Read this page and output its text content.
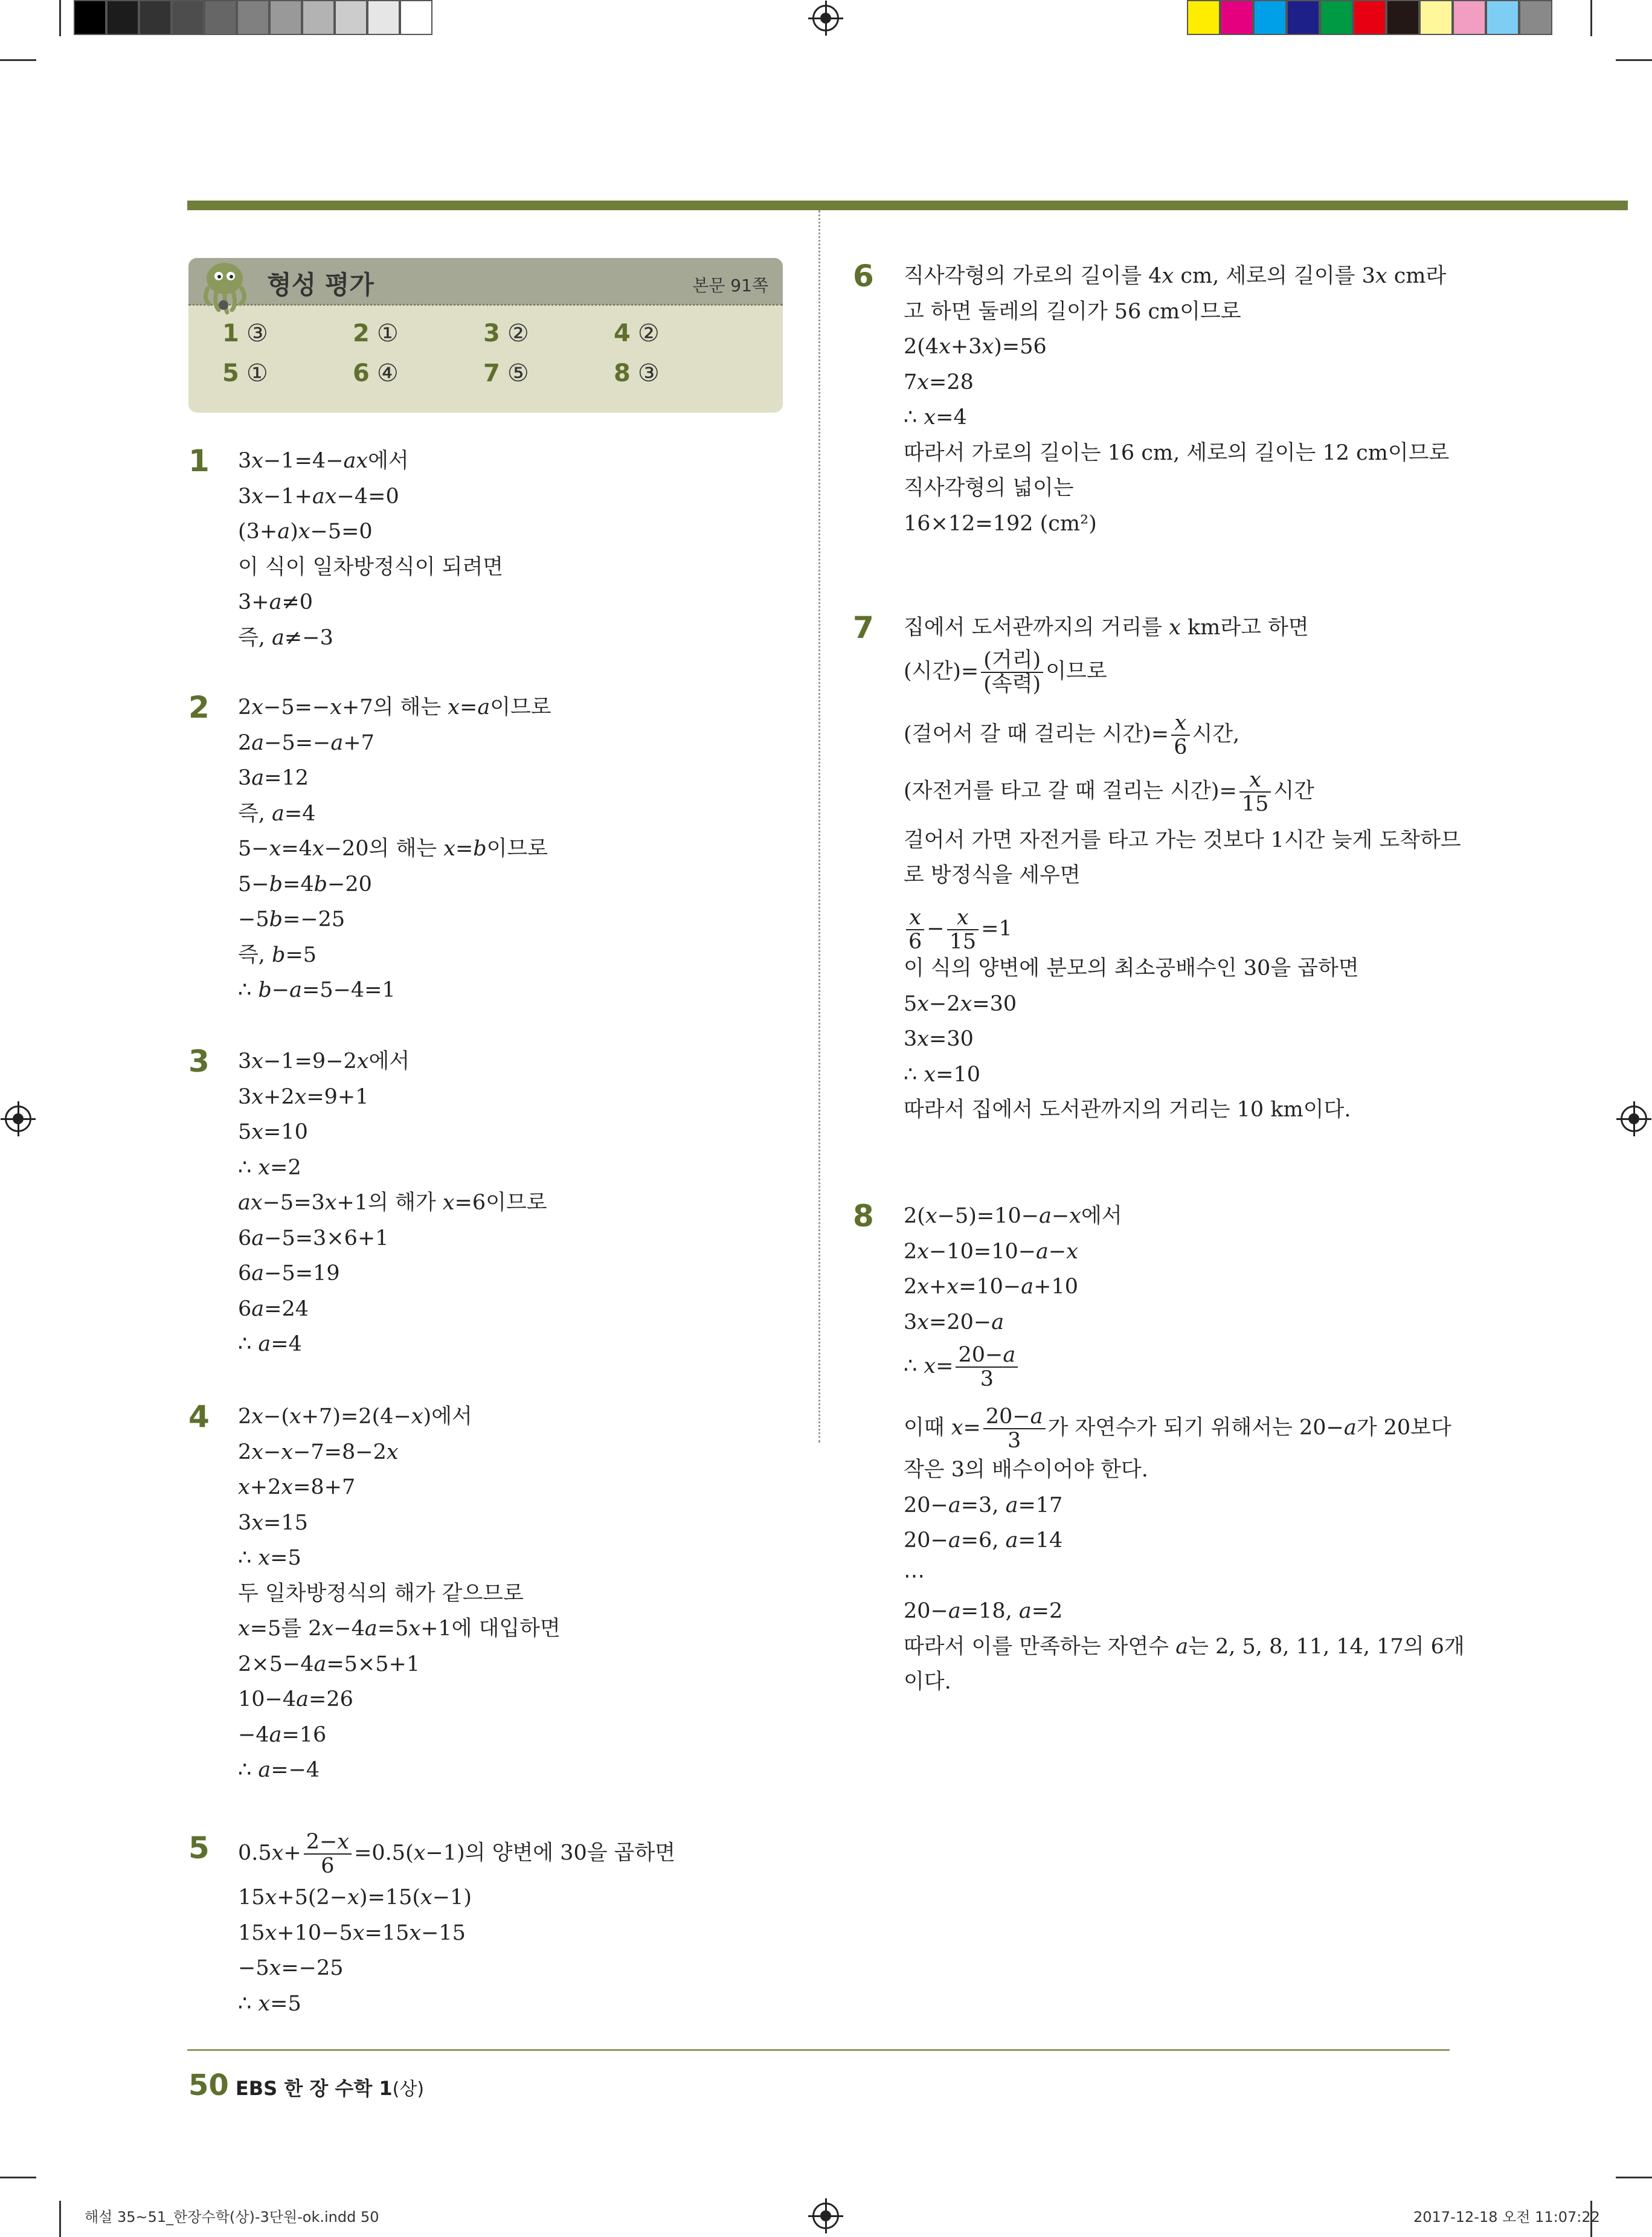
형성 평가	본문 91쪽
1 ③	2 ①	3 ②	4 ②
5 ①	6 ④	7 ⑤	8 ③
1 3𝑥−1=4−𝑎𝑥에서
3𝑥−1+𝑎𝑥−4=0
(3+𝑎)𝑥−5=0
이 식이 일차방정식이 되려면
3+𝑎≠0
즉, 𝑎≠−3
2 2𝑥−5=−𝑥+7의 해는 𝑥=𝑎이므로
2𝑎−5=−𝑎+7
3𝑎=12
즉, 𝑎=4
5−𝑥=4𝑥−20의 해는 𝑥=𝑏이므로
5−𝑏=4𝑏−20
−5𝑏=−25
즉, 𝑏=5
∴ 𝑏−𝑎=5−4=1
3 3𝑥−1=9−2𝑥에서
3𝑥+2𝑥=9+1
5𝑥=10
∴ 𝑥=2
𝑎𝑥−5=3𝑥+1의 해가 𝑥=6이므로
6𝑎−5=3×6+1
6𝑎−5=19
6𝑎=24
∴ 𝑎=4
4 2𝑥−(𝑥+7)=2(4−𝑥)에서
2𝑥−𝑥−7=8−2𝑥
𝑥+2𝑥=8+7
3𝑥=15
∴ 𝑥=5
두 일차방정식의 해가 같으므로
𝑥=5를 2𝑥−4𝑎=5𝑥+1에 대입하면
2×5−4𝑎=5×5+1
10−4𝑎=26
−4𝑎=16
∴ 𝑎=−4
5 0.5𝑥+ $\frac{\text{2−𝑥}}{6}$ =0.5(𝑥−1)의 양변에 30을 곱하면
15𝑥+5(2−𝑥)=15(𝑥−1)
15𝑥+10−5𝑥=15𝑥−15
−5𝑥=−25
∴ 𝑥=5
6 직사각형의 가로의 길이를 4𝑥 cm, 세로의 길이를 3𝑥 cm라
고 하면 둘레의 길이가 56 cm이므로
2(4𝑥+3𝑥)=56
7𝑥=28
∴ 𝑥=4
따라서 가로의 길이는 16 cm, 세로의 길이는 12 cm이므로
직사각형의 넓이는
16×12=192 (cm²)
7 집에서 도서관까지의 거리를 𝑥 km라고 하면
(시간)= $\frac{\text{(거리)}}{\text{(속력)}}$ 이므로
(걸어서 갈 때 걸리는 시간)= $\frac{\text{𝑥}}{6}$ 시간,
(자전거를 타고 갈 때 걸리는 시간)= $\frac{\text{𝑥}}{15}$ 시간
걸어서 가면 자전거를 타고 가는 것보다 1시간 늦게 도착하므
로 방정식을 세우면
$\frac{\text{𝑥}}{6} - \frac{\text{𝑥}}{15} =1$
이 식의 양변에 분모의 최소공배수인 30을 곱하면
5𝑥−2𝑥=30
3𝑥=30
∴ 𝑥=10
따라서 집에서 도서관까지의 거리는 10 km이다.
8 2(𝑥−5)=10−𝑎−𝑥에서
2𝑥−10=10−𝑎−𝑥
2𝑥+𝑥=10−𝑎+10
3𝑥=20−𝑎
∴ 𝑥= $\frac{\text{20−𝑎}}{3}$
이때 𝑥= $\frac{\text{20−𝑎}}{3}$ 가 자연수가 되기 위해서는 20−𝑎가 20보다
작은 3의 배수이어야 한다.
20−𝑎=3, 𝑎=17
20−𝑎=6, 𝑎=14
⋯
20−𝑎=18, 𝑎=2
따라서 이를 만족하는 자연수 𝑎는 2, 5, 8, 11, 14, 17의 6개
이다.
50 EBS 한 장 수학 1(상)
해설 35~51_한장수학(상)-3단원-ok.indd 50	2017-12-18 오전 11:07:22
